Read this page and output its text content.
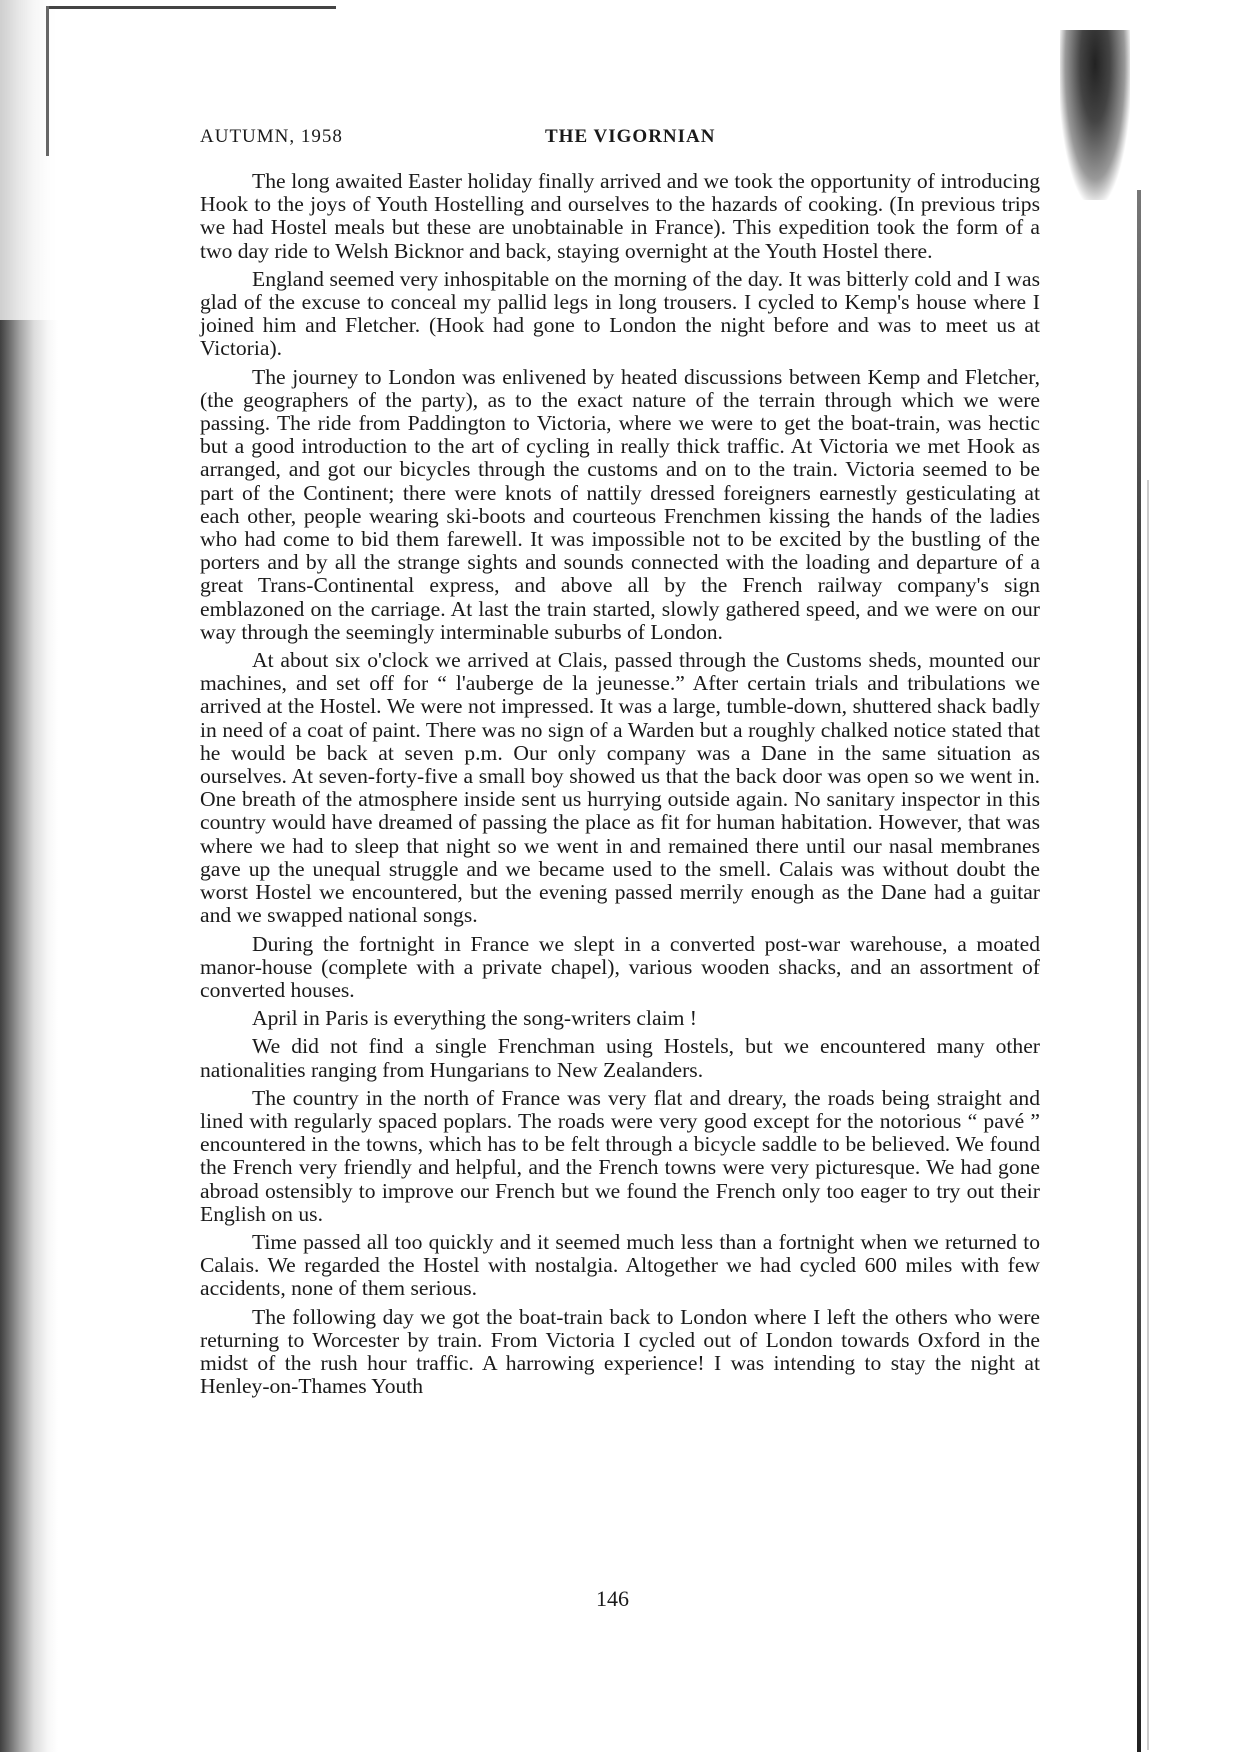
AUTUMN, 1958	THE VIGORNIAN

The long awaited Easter holiday finally arrived and we took the opportunity of introducing Hook to the joys of Youth Hostelling and ourselves to the hazards of cooking. (In previous trips we had Hostel meals but these are unobtainable in France). This expedition took the form of a two day ride to Welsh Bicknor and back, staying overnight at the Youth Hostel there.

England seemed very inhospitable on the morning of the day. It was bitterly cold and I was glad of the excuse to conceal my pallid legs in long trousers. I cycled to Kemp's house where I joined him and Fletcher. (Hook had gone to London the night before and was to meet us at Victoria).

The journey to London was enlivened by heated discussions between Kemp and Fletcher, (the geographers of the party), as to the exact nature of the terrain through which we were passing. The ride from Paddington to Victoria, where we were to get the boat-train, was hectic but a good introduction to the art of cycling in really thick traffic. At Victoria we met Hook as arranged, and got our bicycles through the customs and on to the train. Victoria seemed to be part of the Continent; there were knots of nattily dressed foreigners earnestly gesticulating at each other, people wearing ski-boots and courteous Frenchmen kissing the hands of the ladies who had come to bid them farewell. It was impossible not to be excited by the bustling of the porters and by all the strange sights and sounds connected with the loading and departure of a great Trans-Continental express, and above all by the French railway company's sign emblazoned on the carriage. At last the train started, slowly gathered speed, and we were on our way through the seemingly interminable suburbs of London.

At about six o'clock we arrived at Clais, passed through the Customs sheds, mounted our machines, and set off for “ l'auberge de la jeunesse.” After certain trials and tribulations we arrived at the Hostel. We were not impressed. It was a large, tumble-down, shuttered shack badly in need of a coat of paint. There was no sign of a Warden but a roughly chalked notice stated that he would be back at seven p.m. Our only company was a Dane in the same situation as ourselves. At seven-forty-five a small boy showed us that the back door was open so we went in. One breath of the atmosphere inside sent us hurrying outside again. No sanitary inspector in this country would have dreamed of passing the place as fit for human habitation. However, that was where we had to sleep that night so we went in and remained there until our nasal membranes gave up the unequal struggle and we became used to the smell. Calais was without doubt the worst Hostel we encountered, but the evening passed merrily enough as the Dane had a guitar and we swapped national songs.

During the fortnight in France we slept in a converted post-war warehouse, a moated manor-house (complete with a private chapel), various wooden shacks, and an assortment of converted houses.

April in Paris is everything the song-writers claim !

We did not find a single Frenchman using Hostels, but we encountered many other nationalities ranging from Hungarians to New Zealanders.

The country in the north of France was very flat and dreary, the roads being straight and lined with regularly spaced poplars. The roads were very good except for the notorious “ pavé ” encountered in the towns, which has to be felt through a bicycle saddle to be believed. We found the French very friendly and helpful, and the French towns were very picturesque. We had gone abroad ostensibly to improve our French but we found the French only too eager to try out their English on us.

Time passed all too quickly and it seemed much less than a fortnight when we returned to Calais. We regarded the Hostel with nostalgia. Altogether we had cycled 600 miles with few accidents, none of them serious.

The following day we got the boat-train back to London where I left the others who were returning to Worcester by train. From Victoria I cycled out of London towards Oxford in the midst of the rush hour traffic. A harrowing experience! I was intending to stay the night at Henley-on-Thames Youth

146
